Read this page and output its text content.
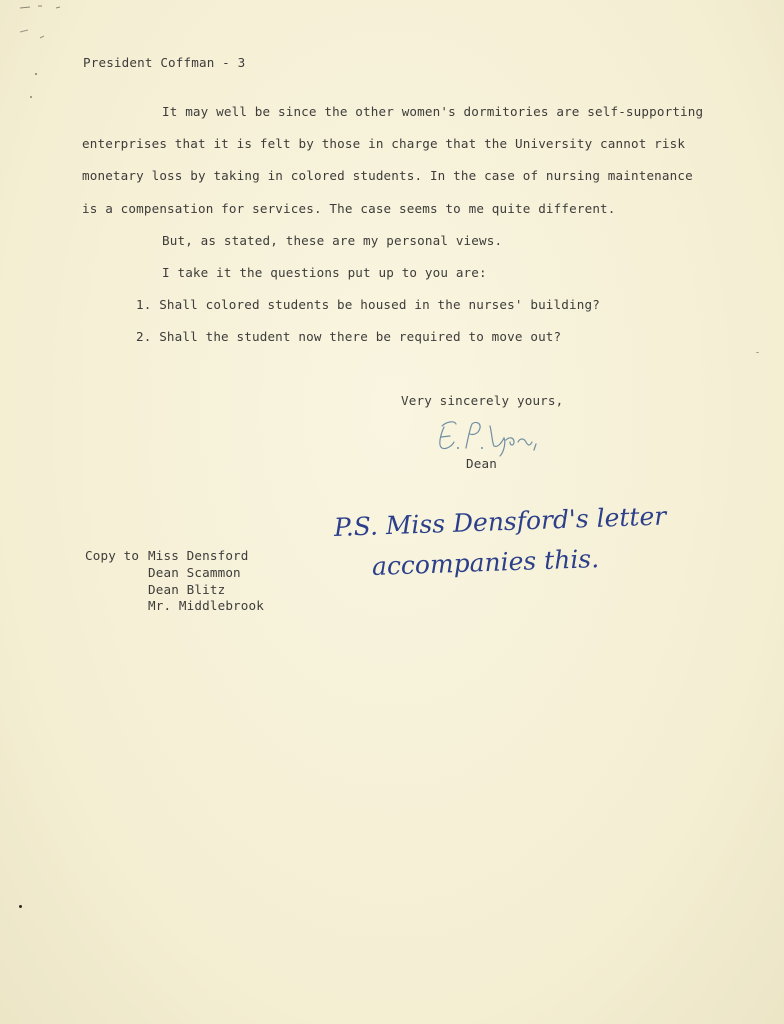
President Coffman - 3
It may well be since the other women's dormitories are self-supporting
enterprises that it is felt by those in charge that the University cannot risk
monetary loss by taking in colored students. In the case of nursing maintenance
is a compensation for services. The case seems to me quite different.
But, as stated, these are my personal views.
I take it the questions put up to you are:
1. Shall colored students be housed in the nurses' building?
2. Shall the student now there be required to move out?
Very sincerely yours,
Dean
P.S. Miss Densford's letter
accompanies this.
Copy to Miss Densford
Dean Scammon
Dean Blitz
Mr. Middlebrook
